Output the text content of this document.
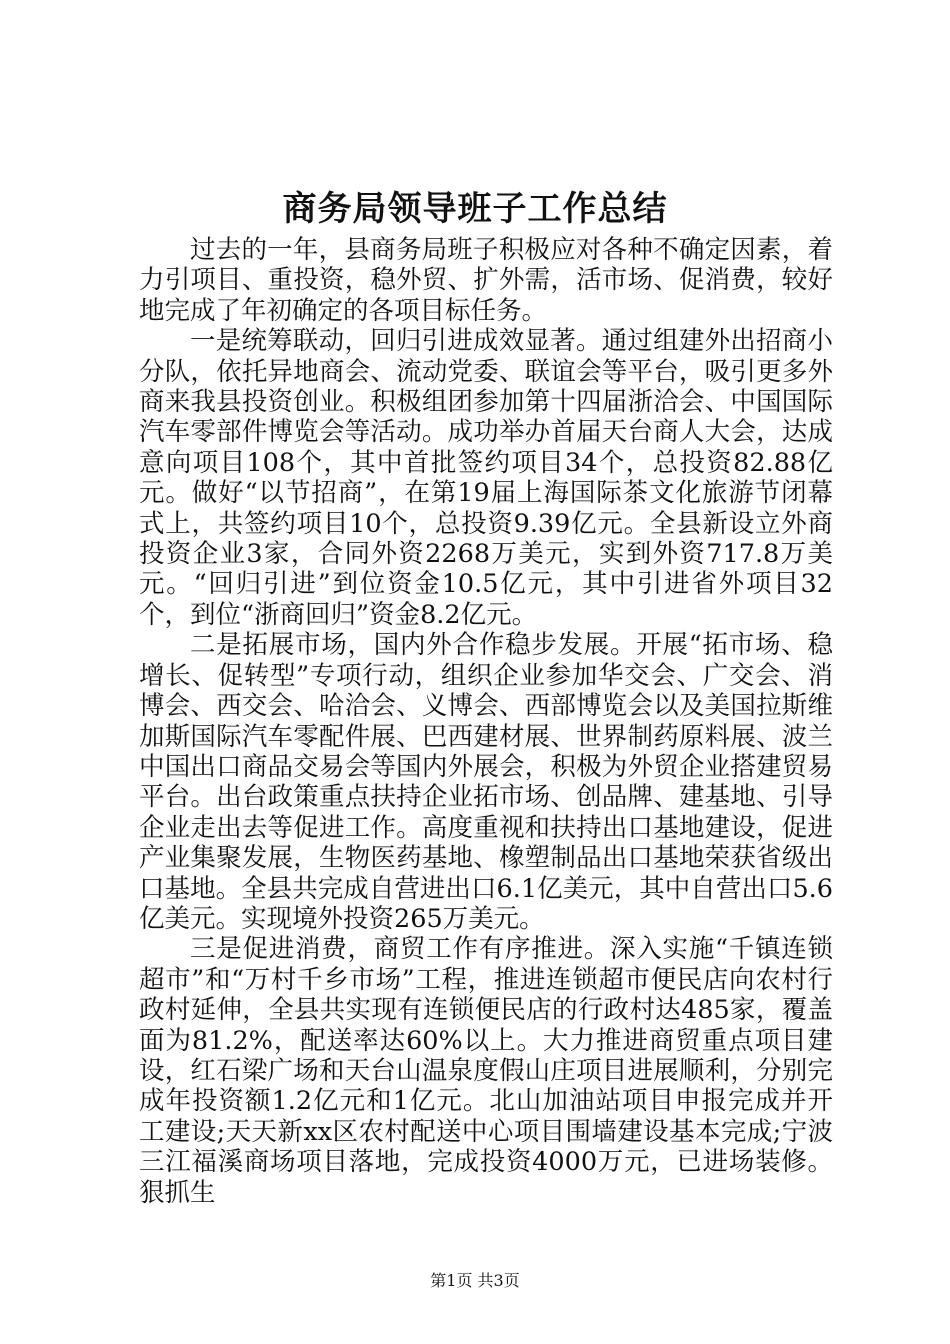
商务局领导班子工作总结

过去的一年，县商务局班子积极应对各种不确定因素，着力引项目、重投资，稳外贸、扩外需，活市场、促消费，较好地完成了年初确定的各项目标任务。

一是统筹联动，回归引进成效显著。通过组建外出招商小分队，依托异地商会、流动党委、联谊会等平台，吸引更多外商来我县投资创业。积极组团参加第十四届浙洽会、中国国际汽车零部件博览会等活动。成功举办首届天台商人大会，达成意向项目108个，其中首批签约项目34个，总投资82.88亿元。做好“以节招商”，在第19届上海国际茶文化旅游节闭幕式上，共签约项目10个，总投资9.39亿元。全县新设立外商投资企业3家，合同外资2268万美元，实到外资717.8万美元。“回归引进”到位资金10.5亿元，其中引进省外项目32个，到位“浙商回归”资金8.2亿元。

二是拓展市场，国内外合作稳步发展。开展“拓市场、稳增长、促转型”专项行动，组织企业参加华交会、广交会、消博会、西交会、哈洽会、义博会、西部博览会以及美国拉斯维加斯国际汽车零配件展、巴西建材展、世界制药原料展、波兰中国出口商品交易会等国内外展会，积极为外贸企业搭建贸易平台。出台政策重点扶持企业拓市场、创品牌、建基地、引导企业走出去等促进工作。高度重视和扶持出口基地建设，促进产业集聚发展，生物医药基地、橡塑制品出口基地荣获省级出口基地。全县共完成自营进出口6.1亿美元，其中自营出口5.6亿美元。实现境外投资265万美元。

三是促进消费，商贸工作有序推进。深入实施“千镇连锁超市”和“万村千乡市场”工程，推进连锁超市便民店向农村行政村延伸，全县共实现有连锁便民店的行政村达485家，覆盖面为81.2%，配送率达60%以上。大力推进商贸重点项目建设，红石梁广场和天台山温泉度假山庄项目进展顺利，分别完成年投资额1.2亿元和1亿元。北山加油站项目申报完成并开工建设;天天新xx区农村配送中心项目围墙建设基本完成;宁波三江福溪商场项目落地，完成投资4000万元，已进场装修。狠抓生

第1页 共3页
